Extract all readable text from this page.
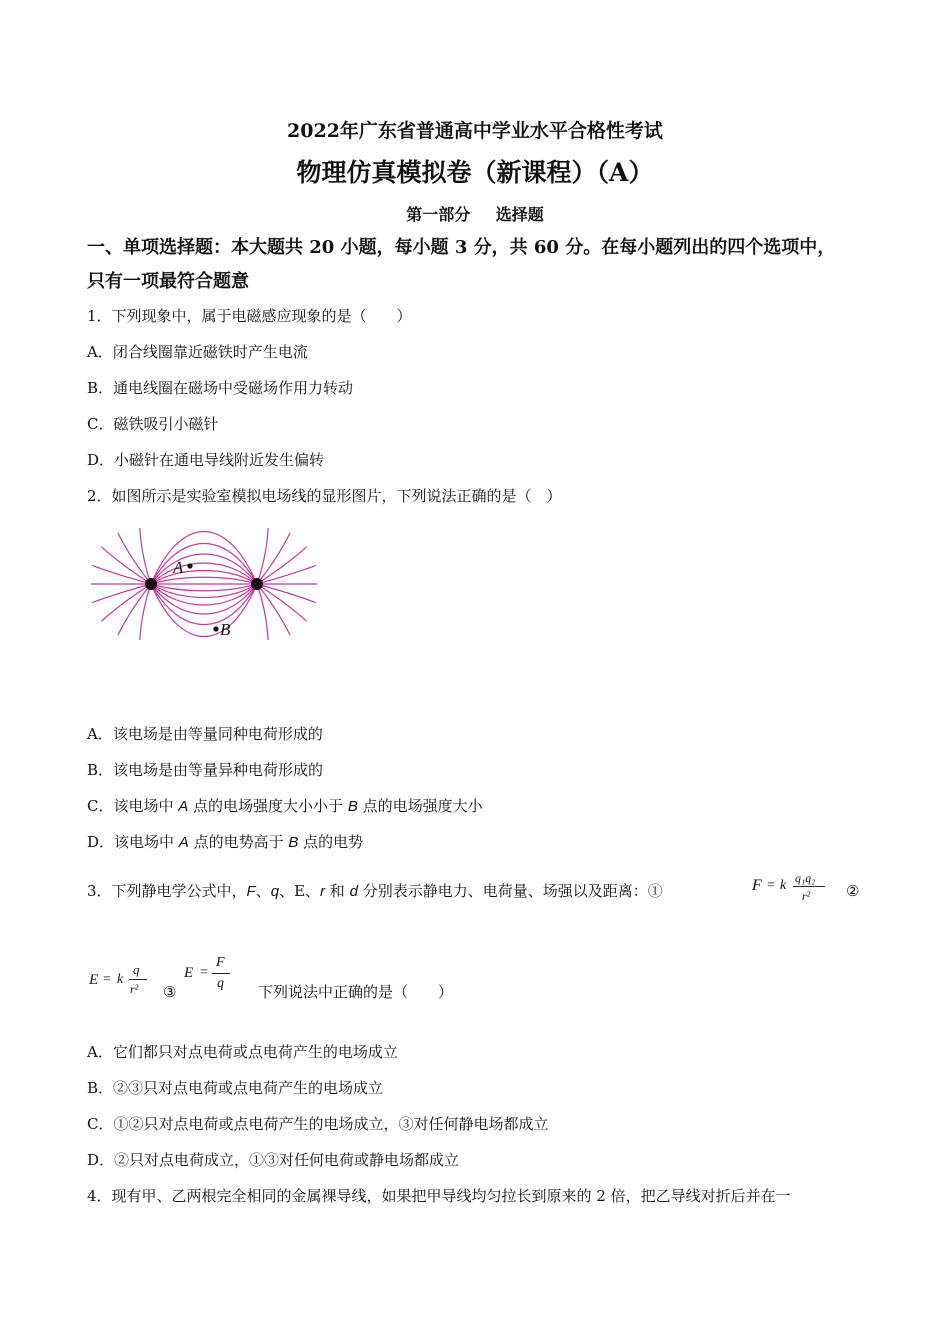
2022年广东省普通高中学业水平合格性考试
物理仿真模拟卷（新课程）（A）
第一部分 选择题
一、单项选择题：本大题共 20 小题，每小题 3 分，共 60 分。在每小题列出的四个选项中，
只有一项最符合题意
1．下列现象中，属于电磁感应现象的是（　　）
A．闭合线圈靠近磁铁时产生电流
B．通电线圈在磁场中受磁场作用力转动
C．磁铁吸引小磁针
D．小磁针在通电导线附近发生偏转
2．如图所示是实验室模拟电场线的显形图片，下列说法正确的是（　）
A
B
A．该电场是由等量同种电荷形成的
B．该电场是由等量异种电荷形成的
C．该电场中 A 点的电场强度大小小于 B 点的电场强度大小
D．该电场中 A 点的电势高于 B 点的电势
3．下列静电学公式中，F、q、E、r 和 d 分别表示静电力、电荷量、场强以及距离：①	F = k q₁q₂
r² ②
E = k
q
r² ③
E =
F
q 下列说法中正确的是（　　）
A．它们都只对点电荷或点电荷产生的电场成立
B．②③只对点电荷或点电荷产生的电场成立
C．①②只对点电荷或点电荷产生的电场成立，③对任何静电场都成立
D．②只对点电荷成立，①③对任何电荷或静电场都成立
4．现有甲、乙两根完全相同的金属裸导线，如果把甲导线均匀拉长到原来的 2 倍，把乙导线对折后并在一
